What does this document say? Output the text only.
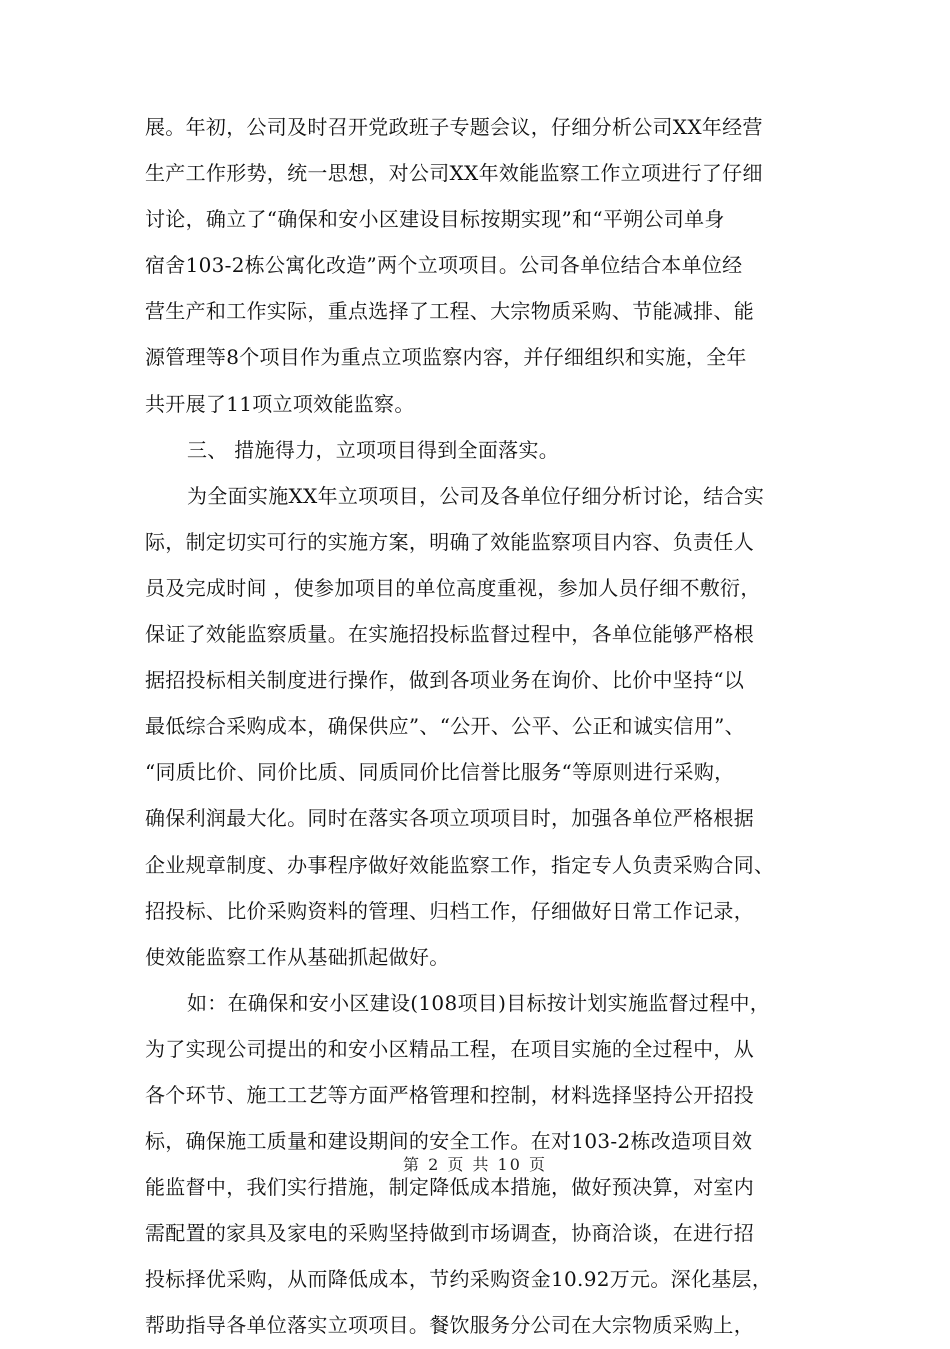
展。年初，公司及时召开党政班子专题会议，仔细分析公司XX年经营
生产工作形势，统一思想，对公司XX年效能监察工作立项进行了仔细
讨论，确立了“确保和安小区建设目标按期实现”和“平朔公司单身
宿舍103-2栋公寓化改造”两个立项项目。公司各单位结合本单位经
营生产和工作实际，重点选择了工程、大宗物质采购、节能减排、能
源管理等8个项目作为重点立项监察内容，并仔细组织和实施，全年
共开展了11项立项效能监察。
三、 措施得力，立项项目得到全面落实。
为全面实施XX年立项项目，公司及各单位仔细分析讨论，结合实
际，制定切实可行的实施方案，明确了效能监察项目内容、负责任人
员及完成时间 ，使参加项目的单位高度重视，参加人员仔细不敷衍，
保证了效能监察质量。在实施招投标监督过程中，各单位能够严格根
据招投标相关制度进行操作，做到各项业务在询价、比价中坚持“以
最低综合采购成本，确保供应”、“公开、公平、公正和诚实信用”、
“同质比价、同价比质、同质同价比信誉比服务“等原则进行采购，
确保利润最大化。同时在落实各项立项项目时，加强各单位严格根据
企业规章制度、办事程序做好效能监察工作，指定专人负责采购合同、
招投标、比价采购资料的管理、归档工作，仔细做好日常工作记录，
使效能监察工作从基础抓起做好。
如：在确保和安小区建设(108项目)目标按计划实施监督过程中，
为了实现公司提出的和安小区精品工程，在项目实施的全过程中，从
各个环节、施工工艺等方面严格管理和控制，材料选择坚持公开招投
标，确保施工质量和建设期间的安全工作。在对103-2栋改造项目效
能监督中，我们实行措施，制定降低成本措施，做好预决算，对室内
需配置的家具及家电的采购坚持做到市场调查，协商洽谈，在进行招
投标择优采购，从而降低成本，节约采购资金10.92万元。深化基层，
帮助指导各单位落实立项项目。餐饮服务分公司在大宗物质采购上，
第 2 页 共 10 页
